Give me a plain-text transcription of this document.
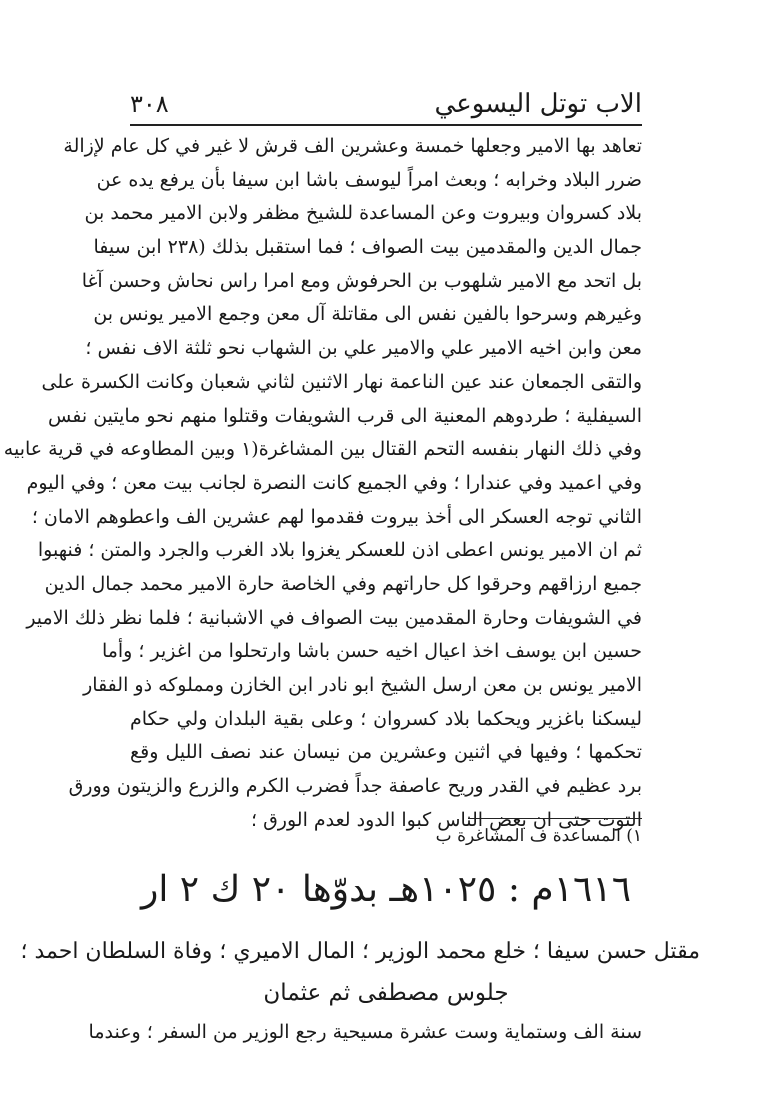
الاب توتل اليسوعي
٣٠٨
تعاهد بها الامير وجعلها خمسة وعشرين الف قرش لا غير في كل عام لإزالة
ضرر البلاد وخرابه ؛ وبعث امراً ليوسف باشا ابن سيفا بأن يرفع يده عن
بلاد كسروان وبيروت وعن المساعدة للشيخ مظفر ولابن الامير محمد بن
جمال الدين والمقدمين بيت الصواف ؛ فما استقبل بذلك (٢٣٨ ابن سيفا
بل اتحد مع الامير شلهوب بن الحرفوش ومع امرا راس نحاش وحسن آغا
وغيرهم وسرحوا بالفين نفس الى مقاتلة آل معن وجمع الامير يونس بن
معن وابن اخيه الامير علي والامير علي بن الشهاب نحو ثلثة الاف نفس ؛
والتقى الجمعان عند عين الناعمة نهار الاثنين لثاني شعبان وكانت الكسرة على
السيفلية ؛ طردوهم المعنية الى قرب الشويفات وقتلوا منهم نحو مايتين نفس
وفي ذلك النهار بنفسه التحم القتال بين المشاغرة(١ وبين المطاوعه في قرية عابيه
وفي اعميد وفي عندارا ؛ وفي الجميع كانت النصرة لجانب بيت معن ؛ وفي اليوم
الثاني توجه العسكر الى أخذ بيروت فقدموا لهم عشرين الف واعطوهم الامان ؛
ثم ان الامير يونس اعطى اذن للعسكر يغزوا بلاد الغرب والجرد والمتن ؛ فنهبوا
جميع ارزاقهم وحرقوا كل حاراتهم وفي الخاصة حارة الامير محمد جمال الدين
في الشويفات وحارة المقدمين بيت الصواف في الاشبانية ؛ فلما نظر ذلك الامير
حسين ابن يوسف اخذ اعيال اخيه حسن باشا وارتحلوا من اغزير ؛ وأما
الامير يونس بن معن ارسل الشيخ ابو نادر ابن الخازن ومملوكه ذو الفقار
ليسكنا باغزير ويحكما بلاد كسروان ؛ وعلى بقية البلدان ولي حكام
تحكمها ؛ وفيها في اثنين وعشرين من نيسان عند نصف الليل وقع
برد عظيم في القدر وريح عاصفة جداً فضرب الكرم والزرع والزيتون وورق
التوت حتى ان بعض الناس كبوا الدود لعدم الورق ؛
١) المساعدة ف المشاغرة ب
١٦١٦م : ١٠٢٥هـ بدوّها ٢٠ ك ٢ ار
مقتل حسن سيفا ؛ خلع محمد الوزير ؛ المال الاميري ؛ وفاة السلطان احمد ؛
جلوس مصطفى ثم عثمان
سنة الف وستماية وست عشرة مسيحية رجع الوزير من السفر ؛ وعندما
